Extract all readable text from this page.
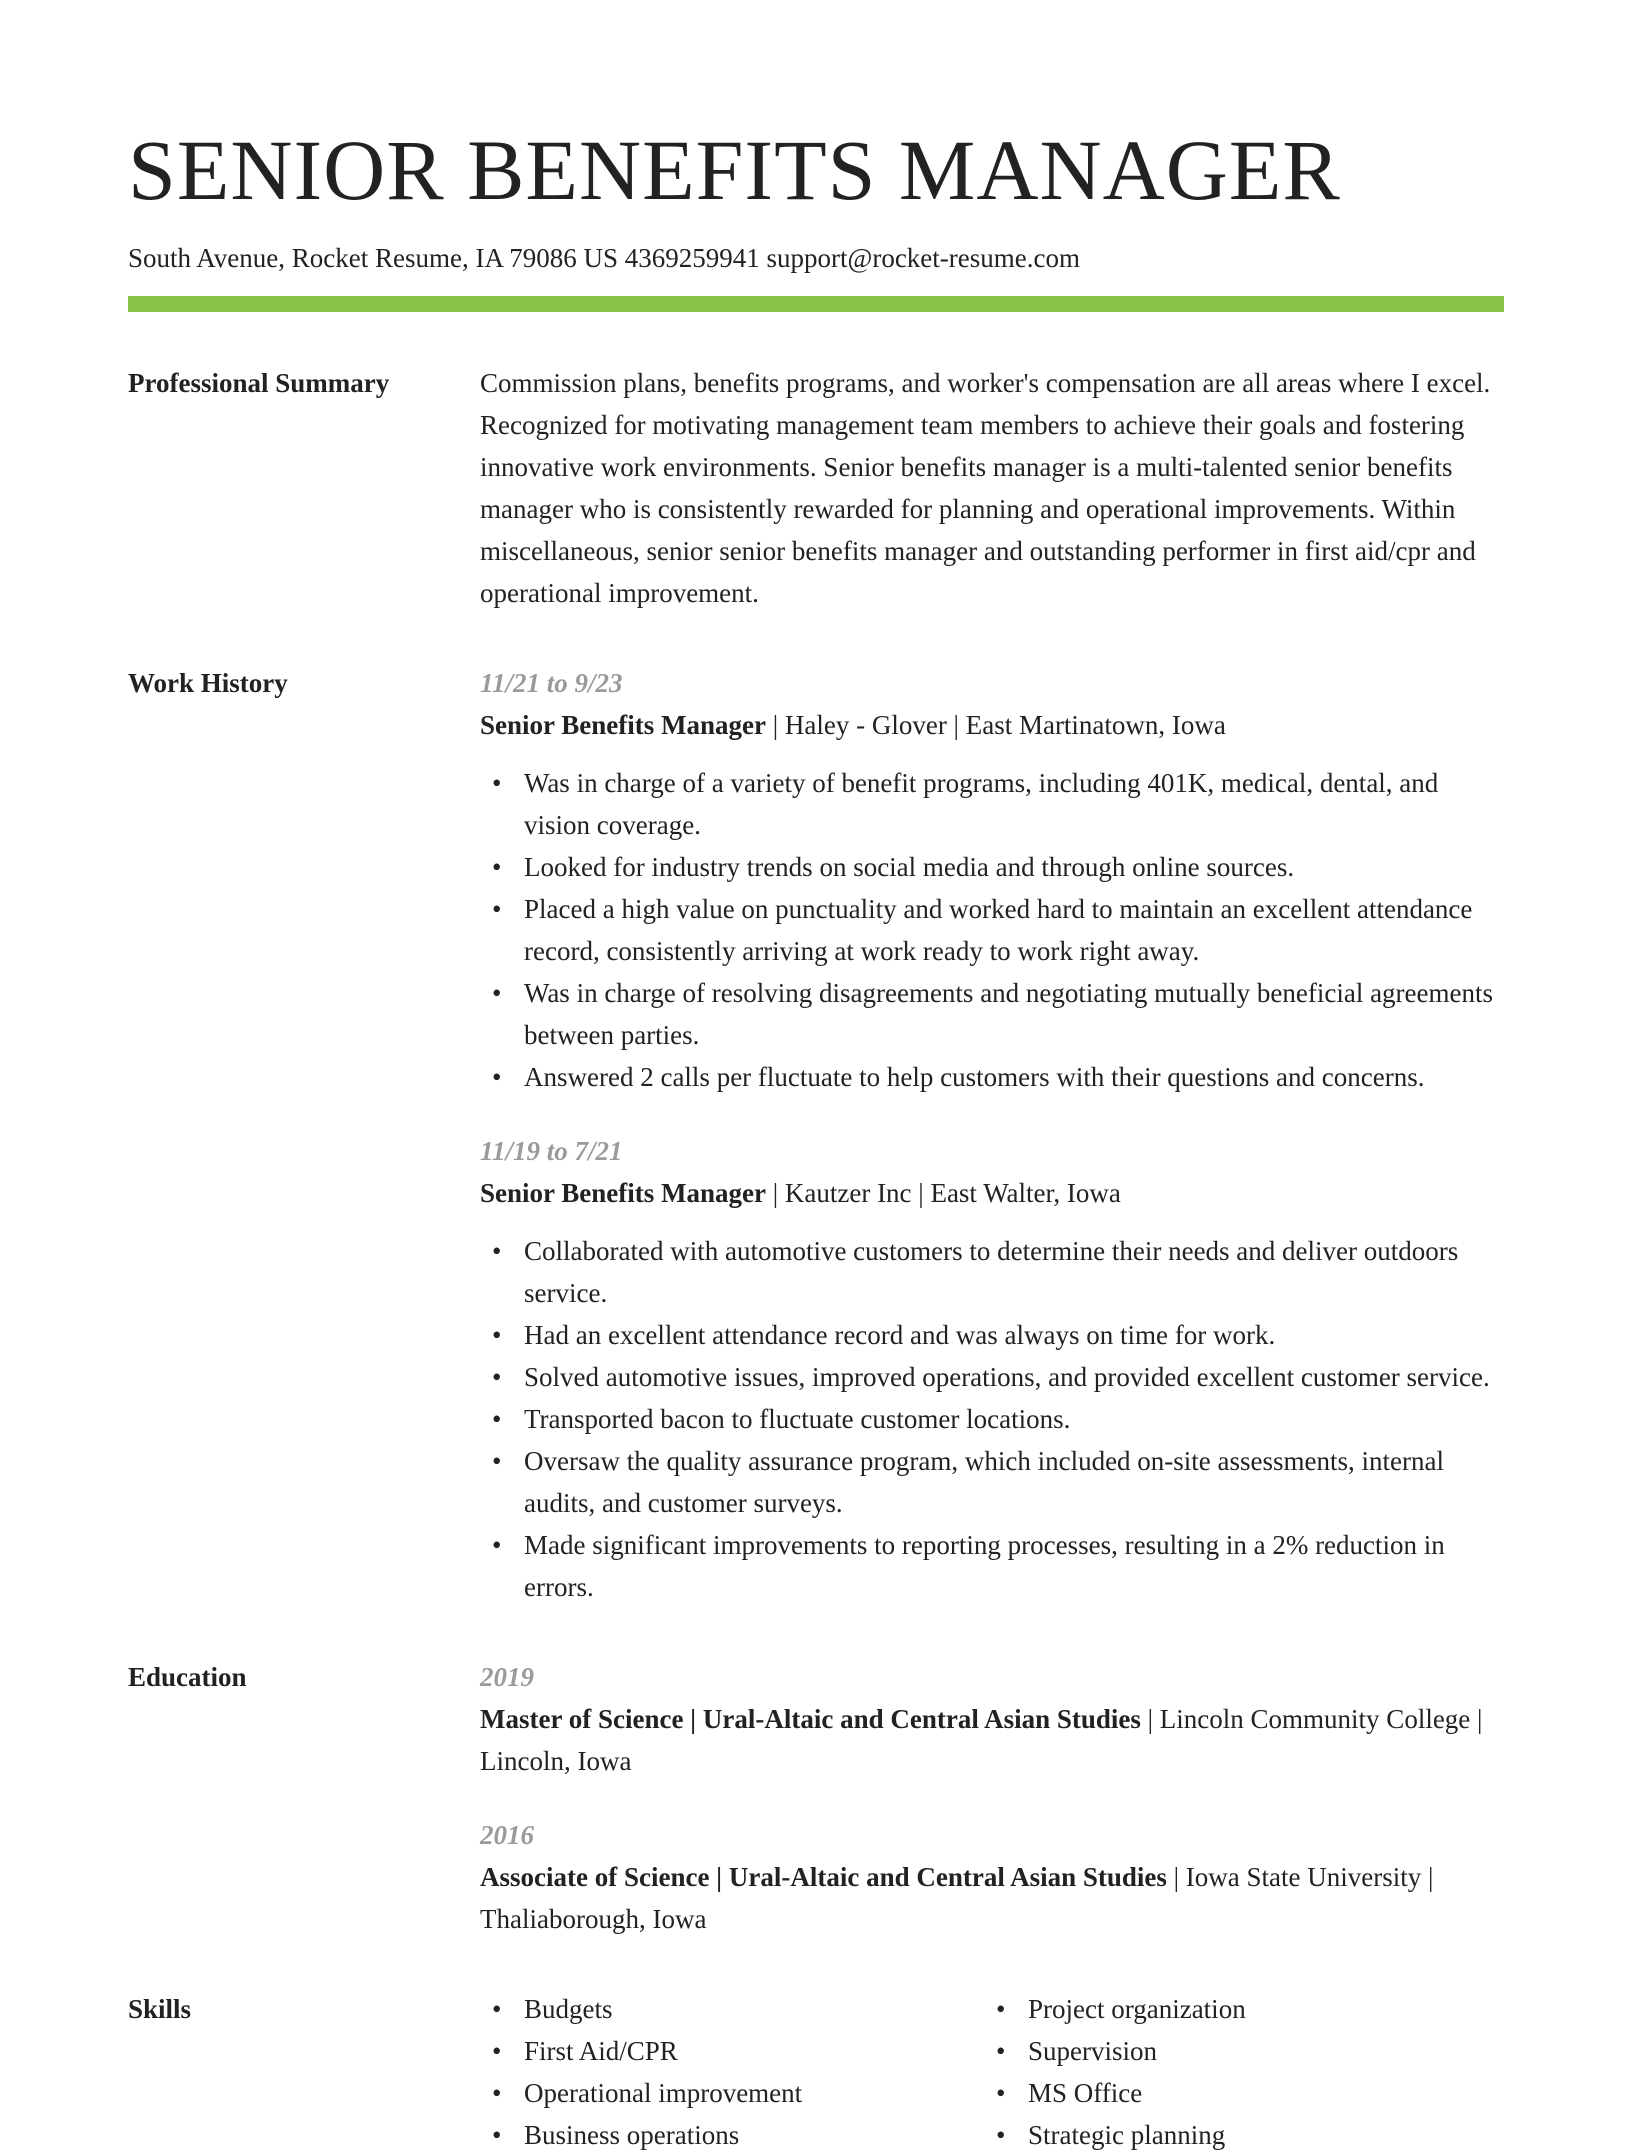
SENIOR BENEFITS MANAGER
South Avenue, Rocket Resume, IA 79086 US 4369259941 support@rocket-resume.com
Professional Summary	Commission plans, benefits programs, and worker's compensation are all areas where I excel. Recognized for motivating management team members to achieve their goals and fostering innovative work environments. Senior benefits manager is a multi-talented senior benefits manager who is consistently rewarded for planning and operational improvements. Within miscellaneous, senior senior benefits manager and outstanding performer in first aid/cpr and operational improvement.

Work History	11/21 to 9/23
Senior Benefits Manager | Haley - Glover | East Martinatown, Iowa
• Was in charge of a variety of benefit programs, including 401K, medical, dental, and vision coverage.
• Looked for industry trends on social media and through online sources.
• Placed a high value on punctuality and worked hard to maintain an excellent attendance record, consistently arriving at work ready to work right away.
• Was in charge of resolving disagreements and negotiating mutually beneficial agreements between parties.
• Answered 2 calls per fluctuate to help customers with their questions and concerns.
11/19 to 7/21
Senior Benefits Manager | Kautzer Inc | East Walter, Iowa
• Collaborated with automotive customers to determine their needs and deliver outdoors service.
• Had an excellent attendance record and was always on time for work.
• Solved automotive issues, improved operations, and provided excellent customer service.
• Transported bacon to fluctuate customer locations.
• Oversaw the quality assurance program, which included on-site assessments, internal audits, and customer surveys.
• Made significant improvements to reporting processes, resulting in a 2% reduction in errors.
Education	2019
Master of Science | Ural-Altaic and Central Asian Studies | Lincoln Community College | Lincoln, Iowa
2016
Associate of Science | Ural-Altaic and Central Asian Studies | Iowa State University | Thaliaborough, Iowa
Skills
•	Budgets
• First Aid/CPR
• Operational improvement
• Business operations
• Project organization
• Supervision
• MS Office
• Strategic planning
